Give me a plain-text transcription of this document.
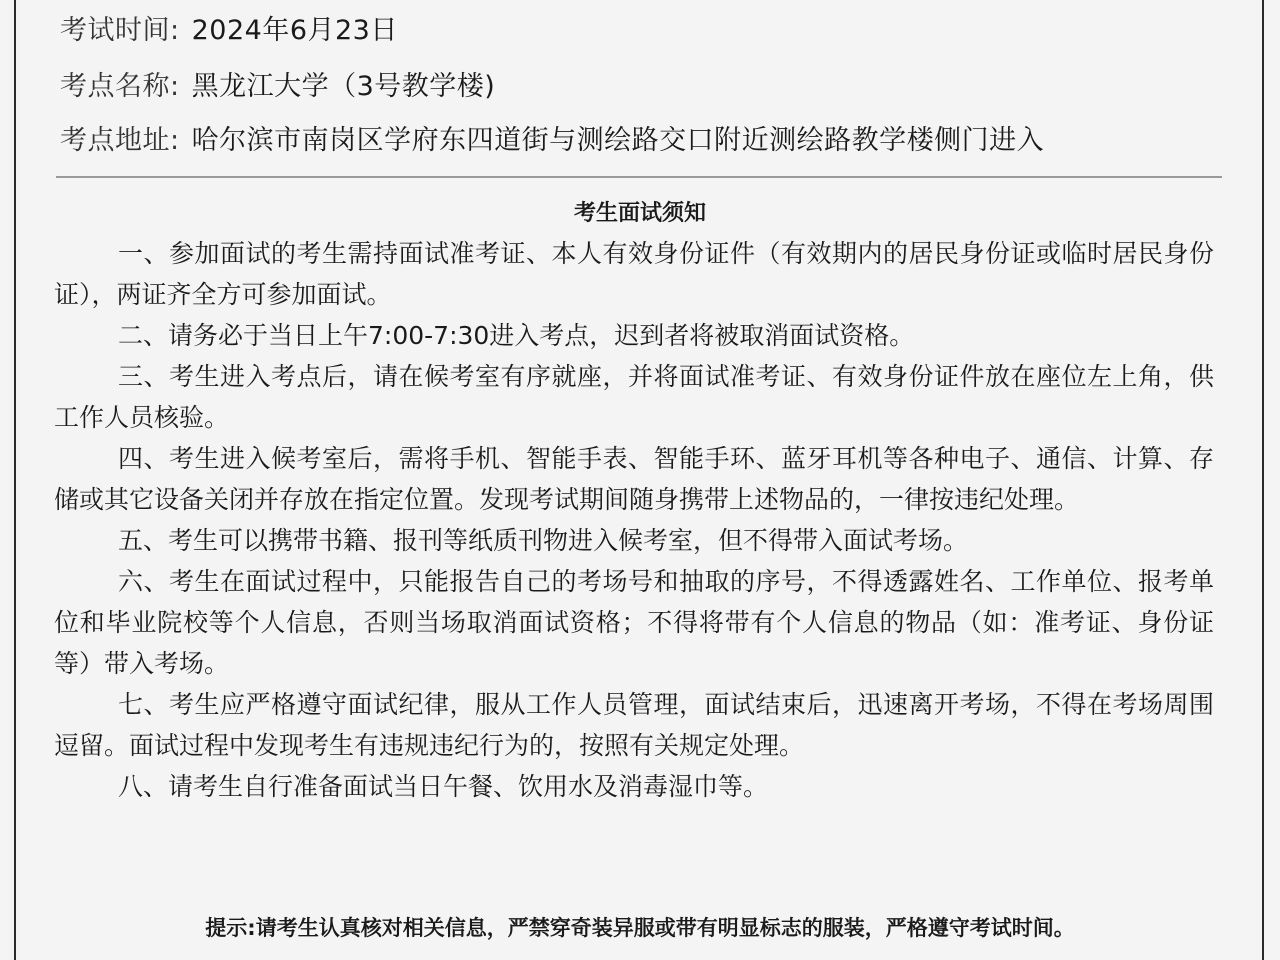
考试时间: 2024年6月23日
考点名称: 黑龙江大学（3号教学楼)
考点地址: 哈尔滨市南岗区学府东四道街与测绘路交口附近测绘路教学楼侧门进入
考生面试须知

一、参加面试的考生需持面试准考证、本人有效身份证件（有效期内的居民身份证或临时居民身份证），两证齐全方可参加面试。

二、请务必于当日上午7:00-7:30进入考点，迟到者将被取消面试资格。

三、考生进入考点后，请在候考室有序就座，并将面试准考证、有效身份证件放在座位左上角，供工作人员核验。

四、考生进入候考室后，需将手机、智能手表、智能手环、蓝牙耳机等各种电子、通信、计算、存储或其它设备关闭并存放在指定位置。发现考试期间随身携带上述物品的，一律按违纪处理。

五、考生可以携带书籍、报刊等纸质刊物进入候考室，但不得带入面试考场。

六、考生在面试过程中，只能报告自己的考场号和抽取的序号，不得透露姓名、工作单位、报考单位和毕业院校等个人信息，否则当场取消面试资格；不得将带有个人信息的物品（如：准考证、身份证等）带入考场。

七、考生应严格遵守面试纪律，服从工作人员管理，面试结束后，迅速离开考场，不得在考场周围逗留。面试过程中发现考生有违规违纪行为的，按照有关规定处理。

八、请考生自行准备面试当日午餐、饮用水及消毒湿巾等。

提示:请考生认真核对相关信息，严禁穿奇装异服或带有明显标志的服装，严格遵守考试时间。
